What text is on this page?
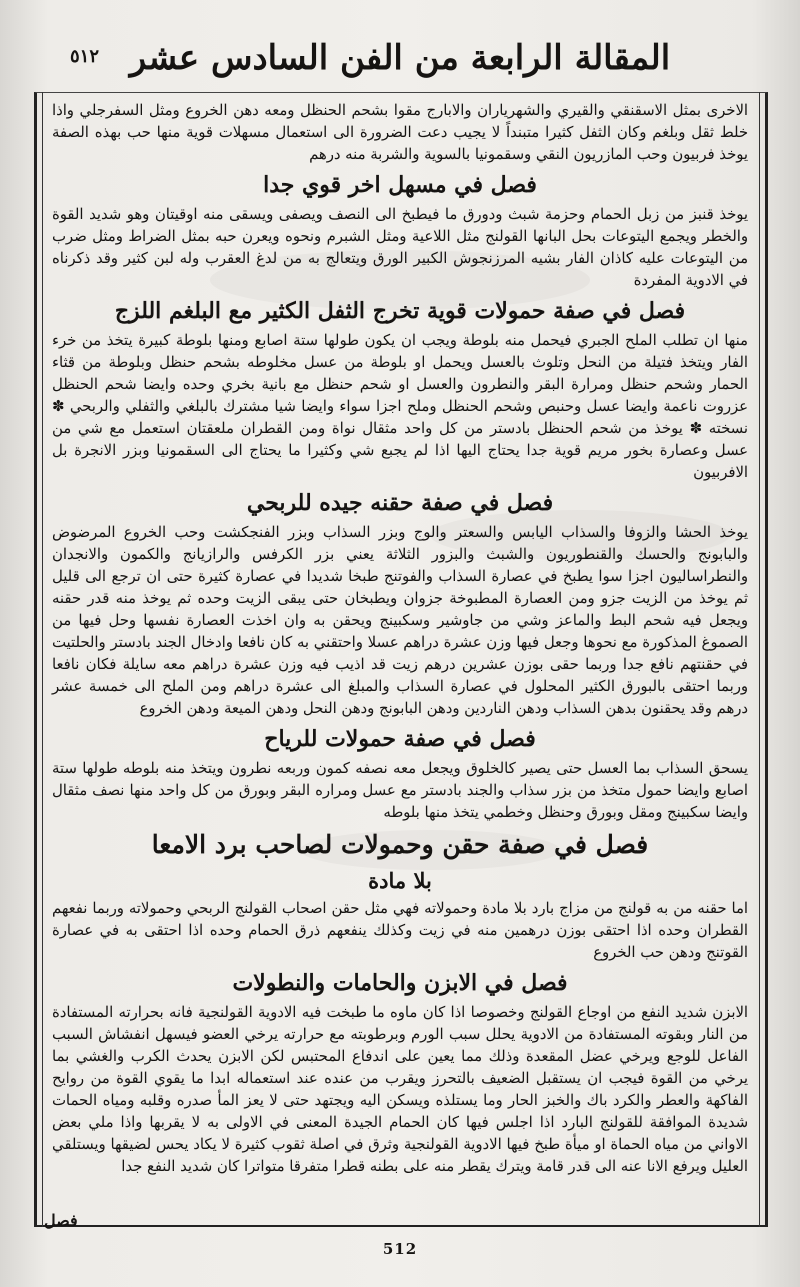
٥١٢ المقالة الرابعة من الفن السادس عشر

الاخرى بمثل الاسقنقي والقيري والشهرياران والابارج مقوا بشحم الحنظل ومعه دهن الخروع ومثل السفرجلي واذا خلط ثقل وبلغم وكان الثفل كثيرا متبنداً لا يجيب دعت الضرورة الى استعمال مسهلات قوية منها حب بهذه الصفة يوخذ فربيون وحب المازريون النقي وسقمونيا بالسوية والشربة منه درهم

فصل في مسهل اخر قوي جدا

يوخذ قنبز من زبل الحمام وحزمة شبث ودورق ما فيطبخ الى النصف ويصفى ويسقى منه اوقيتان وهو شديد القوة والخطر ويجمع اليتوعات بحل البانها القولنج مثل اللاعية ومثل الشبرم ونحوه ويعرن حبه بمثل الضراط ومثل ضرب من اليتوعات عليه كاذان الفار بشيه المرزنجوش الكبير الورق ويتعالج به من لدغ العقرب وله لبن كثير وقد ذكرناه في الادوية المفردة

فصل في صفة حمولات قوية تخرج الثفل الكثير مع البلغم اللزج

منها ان تطلب الملح الجبري فيحمل منه بلوطة ويجب ان يكون طولها ستة اصابع ومنها بلوطة كبيرة يتخذ من خرء الفار ويتخذ فتيلة من النحل وتلوث بالعسل ويحمل او بلوطة من عسل مخلوطه بشحم حنظل وبلوطة من قثاء الحمار وشحم حنظل ومرارة البقر والنطرون والعسل او شحم حنظل مع بانية بخري وحده وايضا شحم الحنظل عزروت ناعمة وايضا عسل وحنبص وشحم الحنظل وملح اجزا سواء وايضا شيا مشترك بالبلغي والثفلي والربحي ✽ نسخته ✽ يوخذ من شحم الحنظل بادستر من كل واحد مثقال نواة ومن القطران ملعقتان استعمل مع شي من عسل وعصارة بخور مريم قوية جدا يحتاج اليها اذا لم يجبع شي وكثيرا ما يحتاج الى السقمونيا وبزر الانجرة بل الافربيون

فصل في صفة حقنه جيده للربحي

يوخذ الحشا والزوفا والسذاب اليابس والسعتر والوج وبزر السذاب وبزر الفنجكشت وحب الخروع المرضوض والبابونج والحسك والقنطوريون والشبث والبزور الثلاثة يعني بزر الكرفس والرازيانج والكمون والانجدان والنطراساليون اجزا سوا يطبخ في عصارة السذاب والفوتنج طبخا شديدا في عصارة كثيرة حتى ان ترجع الى قليل ثم يوخذ من الزيت جزو ومن العصارة المطبوخة جزوان ويطبخان حتى يبقى الزيت وحده ثم يوخذ منه قدر حقنه ويجعل فيه شحم البط والماعز وشي من جاوشير وسكبينج ويحقن به وان اخذت العصارة نفسها وحل فيها من الصموغ المذكورة مع نحوها وجعل فيها وزن عشرة دراهم عسلا واحتقني به كان نافعا وادخال الجند بادستر والحلتيت في حقنتهم نافع جدا وربما حقى بوزن عشرين درهم زيت قد اذيب فيه وزن عشرة دراهم معه سايلة فكان نافعا وربما احتقى بالبورق الكثير المحلول في عصارة السذاب والمبلغ الى عشرة دراهم ومن الملح الى خمسة عشر درهم وقد يحقنون بدهن السذاب ودهن الناردين ودهن البابونج ودهن النحل ودهن الميعة ودهن الخروع

فصل في صفة حمولات للرياح

يسحق السذاب بما العسل حتى يصير كالخلوق ويجعل معه نصفه كمون وربعه نطرون ويتخذ منه بلوطه طولها ستة اصابع وايضا حمول متخذ من بزر سذاب والجند بادستر مع عسل ومراره البقر وبورق من كل واحد منها نصف مثقال وايضا سكبينج ومقل وبورق وحنظل وخطمي يتخذ منها بلوطه

فصل في صفة حقن وحمولات لصاحب برد الامعا
بلا مادة

اما حقنه من به قولنج من مزاج بارد بلا مادة وحمولاته فهي مثل حقن اصحاب القولنج الربحي وحمولاته وربما نفعهم القطران وحده اذا احتقى بوزن درهمين منه في زيت وكذلك ينفعهم ذرق الحمام وحده اذا احتقى به في عصارة القوتنج ودهن حب الخروع

فصل في الابزن والحامات والنطولات

الابزن شديد النفع من اوجاع القولنج وخصوصا اذا كان ماوه ما طبخت فيه الادوية القولنجية فانه بحرارته المستفادة من النار وبقوته المستفادة من الادوية يحلل سبب الورم وبرطوبته مع حرارته يرخي العضو فيسهل انفشاش السبب الفاعل للوجع ويرخي عضل المقعدة وذلك مما يعين على اندفاع المحتبس لكن الابزن يحدث الكرب والغشي بما يرخي من القوة فيجب ان يستقبل الضعيف بالتحرز ويقرب من عنده عند استعماله ابدا ما يقوي القوة من روايح الفاكهة والعطر والكرد باك والخبز الحار وما يستلذه ويسكن اليه ويجتهد حتى لا يعز المأ صدره وقلبه ومياه الحمات شديدة الموافقة للقولنج البارد اذا اجلس فيها كان الحمام الجيدة المعنى في الاولى به لا يقربها واذا ملي بعض الاواني من مياه الحماة او ميأة طبخ فيها الادوية القولنجية وثرق في اصلة ثقوب كثيرة لا يكاد يحس لضيقها ويستلقي العليل ويرفع الانا عنه الى قدر قامة ويترك يقطر منه على بطنه قطرا متفرقا متواترا كان شديد النفع جدا

فصل
512
